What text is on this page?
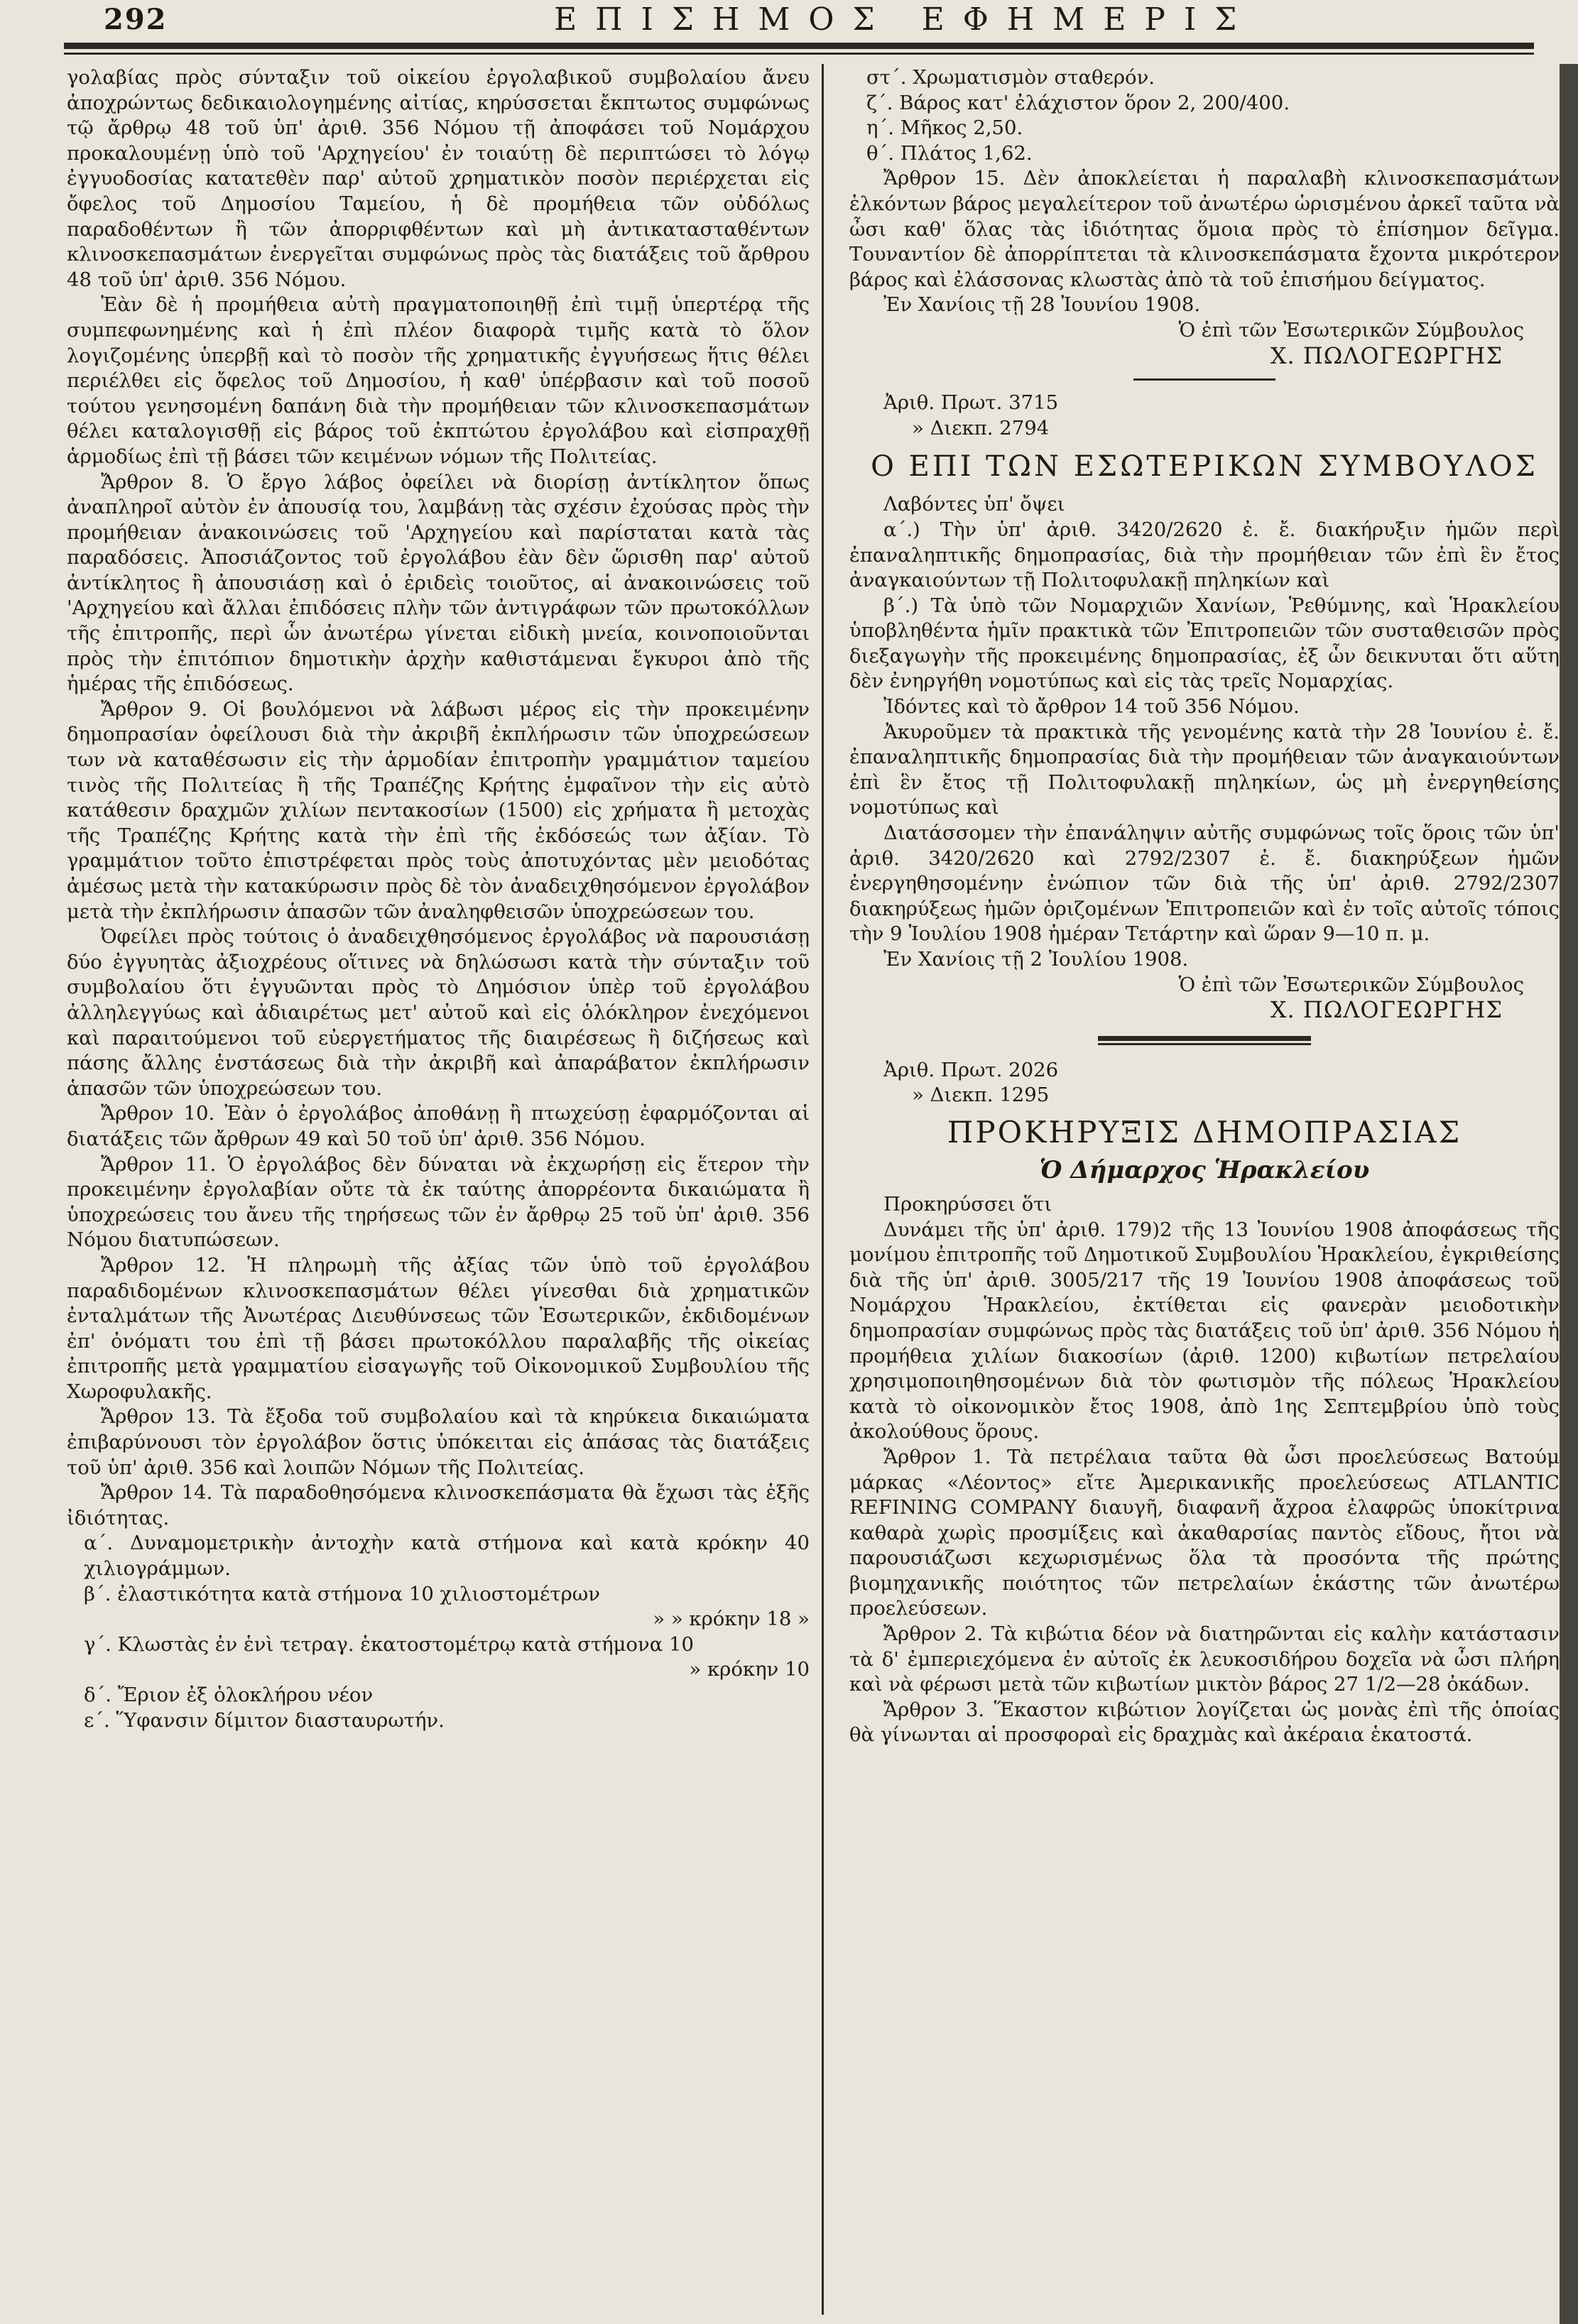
292	ΕΠΙΣΗΜΟΣ ΕΦΗΜΕΡΙΣ

γολαβίας πρὸς σύνταξιν τοῦ οἰκείου ἐργολαβικοῦ συμβολαίου ἄνευ ἀποχρώντως δεδικαιολογημένης αἰτίας, κηρύσσεται ἔκπτωτος συμφώνως τῷ ἄρθρῳ 48 τοῦ ὑπ' ἀριθ. 356 Νόμου τῇ ἀποφάσει τοῦ Νομάρχου προκαλουμένῃ ὑπὸ τοῦ 'Αρχηγείου' ἐν τοιαύτῃ δὲ περιπτώσει τὸ λόγῳ ἐγγυοδοσίας κατατεθὲν παρ' αὐτοῦ χρηματικὸν ποσὸν περιέρχεται εἰς ὄφελος τοῦ Δημοσίου Ταμείου, ἡ δὲ προμήθεια τῶν οὐδόλως παραδοθέντων ἢ τῶν ἀπορριφθέντων καὶ μὴ ἀντικατασταθέντων κλινοσκεπασμάτων ἐνεργεῖται συμφώνως πρὸς τὰς διατάξεις τοῦ ἄρθρου 48 τοῦ ὑπ' ἀριθ. 356 Νόμου.

Ἐὰν δὲ ἡ προμήθεια αὐτὴ πραγματοποιηθῇ ἐπὶ τιμῇ ὑπερτέρᾳ τῆς συμπεφωνημένης καὶ ἡ ἐπὶ πλέον διαφορὰ τιμῆς κατὰ τὸ ὅλον λογιζομένης ὑπερβῇ καὶ τὸ ποσὸν τῆς χρηματικῆς ἐγγυήσεως ἥτις θέλει περιέλθει εἰς ὄφελος τοῦ Δημοσίου, ἡ καθ' ὑπέρβασιν καὶ τοῦ ποσοῦ τούτου γενησομένη δαπάνη διὰ τὴν προμήθειαν τῶν κλινοσκεπασμάτων θέλει καταλογισθῇ εἰς βάρος τοῦ ἐκπτώτου ἐργολάβου καὶ εἰσπραχθῇ ἁρμοδίως ἐπὶ τῇ βάσει τῶν κειμένων νόμων τῆς Πολιτείας.

Ἄρθρον 8. Ὁ ἔργο λάβος ὀφείλει νὰ διορίσῃ ἀντίκλητον ὅπως ἀναπληροῖ αὐτὸν ἐν ἀπουσίᾳ του, λαμβάνῃ τὰς σχέσιν ἐχούσας πρὸς τὴν προμήθειαν ἀνακοινώσεις τοῦ 'Αρχηγείου καὶ παρίσταται κατὰ τὰς παραδόσεις. Ἀποσιάζοντος τοῦ ἐργολάβου ἐὰν δὲν ὥρισθη παρ' αὐτοῦ ἀντίκλητος ἢ ἀπουσιάσῃ καὶ ὁ ἐριδεὶς τοιοῦτος, αἱ ἀνακοινώσεις τοῦ 'Αρχηγείου καὶ ἄλλαι ἐπιδόσεις πλὴν τῶν ἀντιγράφων τῶν πρωτοκόλλων τῆς ἐπιτροπῆς, περὶ ὧν ἀνωτέρω γίνεται εἰδικὴ μνεία, κοινοποιοῦνται πρὸς τὴν ἐπιτόπιον δημοτικὴν ἀρχὴν καθιστάμεναι ἔγκυροι ἀπὸ τῆς ἡμέρας τῆς ἐπιδόσεως.

Ἄρθρον 9. Οἱ βουλόμενοι νὰ λάβωσι μέρος εἰς τὴν προκειμένην δημοπρασίαν ὀφείλουσι διὰ τὴν ἀκριβῆ ἐκπλήρωσιν τῶν ὑποχρεώσεων των νὰ καταθέσωσιν εἰς τὴν ἁρμοδίαν ἐπιτροπὴν γραμμάτιον ταμείου τινὸς τῆς Πολιτείας ἢ τῆς Τραπέζης Κρήτης ἐμφαῖνον τὴν εἰς αὐτὸ κατάθεσιν δραχμῶν χιλίων πεντακοσίων (1500) εἰς χρήματα ἢ μετοχὰς τῆς Τραπέζης Κρήτης κατὰ τὴν ἐπὶ τῆς ἐκδόσεώς των ἀξίαν. Τὸ γραμμάτιον τοῦτο ἐπιστρέφεται πρὸς τοὺς ἀποτυχόντας μὲν μειοδότας ἀμέσως μετὰ τὴν κατακύρωσιν πρὸς δὲ τὸν ἀναδειχθησόμενον ἐργολάβον μετὰ τὴν ἐκπλήρωσιν ἁπασῶν τῶν ἀναληφθεισῶν ὑποχρεώσεων του.

Ὀφείλει πρὸς τούτοις ὁ ἀναδειχθησόμενος ἐργολάβος νὰ παρουσιάσῃ δύο ἐγγυητὰς ἀξιοχρέους οἵτινες νὰ δηλώσωσι κατὰ τὴν σύνταξιν τοῦ συμβολαίου ὅτι ἐγγυῶνται πρὸς τὸ Δημόσιον ὑπὲρ τοῦ ἐργολάβου ἀλληλεγγύως καὶ ἀδιαιρέτως μετ' αὐτοῦ καὶ εἰς ὁλόκληρον ἐνεχόμενοι καὶ παραιτούμενοι τοῦ εὐεργετήματος τῆς διαιρέσεως ἢ διζήσεως καὶ πάσης ἄλλης ἐνστάσεως διὰ τὴν ἀκριβῆ καὶ ἀπαράβατον ἐκπλήρωσιν ἁπασῶν τῶν ὑποχρεώσεων του.

Ἄρθρον 10. Ἐὰν ὁ ἐργολάβος ἀποθάνῃ ἢ πτωχεύσῃ ἐφαρμόζονται αἱ διατάξεις τῶν ἄρθρων 49 καὶ 50 τοῦ ὑπ' ἀριθ. 356 Νόμου.

Ἄρθρον 11. Ὁ ἐργολάβος δὲν δύναται νὰ ἐκχωρήσῃ εἰς ἕτερον τὴν προκειμένην ἐργολαβίαν οὔτε τὰ ἐκ ταύτης ἀπορρέοντα δικαιώματα ἢ ὑποχρεώσεις του ἄνευ τῆς τηρήσεως τῶν ἐν ἄρθρῳ 25 τοῦ ὑπ' ἀριθ. 356 Νόμου διατυπώσεων.

Ἄρθρον 12. Ἡ πληρωμὴ τῆς ἀξίας τῶν ὑπὸ τοῦ ἐργολάβου παραδιδομένων κλινοσκεπασμάτων θέλει γίνεσθαι διὰ χρηματικῶν ἐνταλμάτων τῆς Ἀνωτέρας Διευθύνσεως τῶν Ἐσωτερικῶν, ἐκδιδομένων ἐπ' ὀνόματι του ἐπὶ τῇ βάσει πρωτοκόλλου παραλαβῆς τῆς οἰκείας ἐπιτροπῆς μετὰ γραμματίου εἰσαγωγῆς τοῦ Οἰκονομικοῦ Συμβουλίου τῆς Χωροφυλακῆς.

Ἄρθρον 13. Τὰ ἔξοδα τοῦ συμβολαίου καὶ τὰ κηρύκεια δικαιώματα ἐπιβαρύνουσι τὸν ἐργολάβον ὅστις ὑπόκειται εἰς ἁπάσας τὰς διατάξεις τοῦ ὑπ' ἀριθ. 356 καὶ λοιπῶν Νόμων τῆς Πολιτείας.

Ἄρθρον 14. Τὰ παραδοθησόμενα κλινοσκεπάσματα θὰ ἔχωσι τὰς ἑξῆς ἰδιότητας.

α΄. Δυναμομετρικὴν ἀντοχὴν κατὰ στήμονα καὶ κατὰ κρόκην 40 χιλιογράμμων.

β΄. ἐλαστικότητα κατὰ στήμονα 10 χιλιοστομέτρων

» » κρόκην 18 »

γ΄. Κλωστὰς ἐν ἑνὶ τετραγ. ἑκατοστομέτρῳ κατὰ στήμονα 10

» κρόκην 10

δ΄. Ἔριον ἐξ ὁλοκλήρου νέον

ε΄. Ὕφανσιν δίμιτον διασταυρωτήν.

στ΄. Χρωματισμὸν σταθερόν.

ζ΄. Βάρος κατ' ἐλάχιστον ὅρον 2, 200/400.

η΄. Μῆκος 2,50.

θ΄. Πλάτος 1,62.

Ἄρθρον 15. Δὲν ἀποκλείεται ἡ παραλαβὴ κλινοσκεπασμάτων ἑλκόντων βάρος μεγαλείτερον τοῦ ἀνωτέρω ὡρισμένου ἀρκεῖ ταῦτα νὰ ὦσι καθ' ὅλας τὰς ἰδιότητας ὅμοια πρὸς τὸ ἐπίσημον δεῖγμα. Τουναντίον δὲ ἀπορρίπτεται τὰ κλινοσκεπάσματα ἔχοντα μικρότερον βάρος καὶ ἐλάσσονας κλωστὰς ἀπὸ τὰ τοῦ ἐπισήμου δείγματος.

Ἐν Χανίοις τῇ 28 Ἰουνίου 1908.

Ὁ ἐπὶ τῶν Ἐσωτερικῶν Σύμβουλος

Χ. ΠΩΛΟΓΕΩΡΓΗΣ

Ἀριθ. Πρωτ. 3715

» Διεκπ. 2794

Ο ΕΠΙ ΤΩΝ ΕΣΩΤΕΡΙΚΩΝ ΣΥΜΒΟΥΛΟΣ

Λαβόντες ὑπ' ὄψει

α΄.) Τὴν ὑπ' ἀριθ. 3420/2620 ἐ. ἔ. διακήρυξιν ἡμῶν περὶ ἐπαναληπτικῆς δημοπρασίας, διὰ τὴν προμήθειαν τῶν ἐπὶ ἓν ἔτος ἀναγκαιούντων τῇ Πολιτοφυλακῇ πηληκίων καὶ

β΄.) Τὰ ὑπὸ τῶν Νομαρχιῶν Χανίων, Ῥεθύμνης, καὶ Ἡρακλείου ὑποβληθέντα ἡμῖν πρακτικὰ τῶν Ἐπιτροπειῶν τῶν συσταθεισῶν πρὸς διεξαγωγὴν τῆς προκειμένης δημοπρασίας, ἐξ ὧν δεικνυται ὅτι αὕτη δὲν ἐνηργήθη νομοτύπως καὶ εἰς τὰς τρεῖς Νομαρχίας.

Ἰδόντες καὶ τὸ ἄρθρον 14 τοῦ 356 Νόμου.

Ἀκυροῦμεν τὰ πρακτικὰ τῆς γενομένης κατὰ τὴν 28 Ἰουνίου ἐ. ἔ. ἐπαναληπτικῆς δημοπρασίας διὰ τὴν προμήθειαν τῶν ἀναγκαιούντων ἐπὶ ἓν ἔτος τῇ Πολιτοφυλακῇ πηληκίων, ὡς μὴ ἐνεργηθείσης νομοτύπως καὶ

Διατάσσομεν τὴν ἐπανάληψιν αὐτῆς συμφώνως τοῖς ὅροις τῶν ὑπ' ἀριθ. 3420/2620 καὶ 2792/2307 ἐ. ἔ. διακηρύξεων ἡμῶν ἐνεργηθησομένην ἐνώπιον τῶν διὰ τῆς ὑπ' ἀριθ. 2792/2307 διακηρύξεως ἡμῶν ὁριζομένων Ἐπιτροπειῶν καὶ ἐν τοῖς αὐτοῖς τόποις τὴν 9 Ἰουλίου 1908 ἡμέραν Τετάρτην καὶ ὥραν 9—10 π. μ.

Ἐν Χανίοις τῇ 2 Ἰουλίου 1908.

Ὁ ἐπὶ τῶν Ἐσωτερικῶν Σύμβουλος

Χ. ΠΩΛΟΓΕΩΡΓΗΣ

Ἀριθ. Πρωτ. 2026

» Διεκπ. 1295

ΠΡΟΚΗΡΥΞΙΣ ΔΗΜΟΠΡΑΣΙΑΣ

Ὁ Δήμαρχος Ἡρακλείου

Προκηρύσσει ὅτι

Δυνάμει τῆς ὑπ' ἀριθ. 179)2 τῆς 13 Ἰουνίου 1908 ἀποφάσεως τῆς μονίμου ἐπιτροπῆς τοῦ Δημοτικοῦ Συμβουλίου Ἡρακλείου, ἐγκριθείσης διὰ τῆς ὑπ' ἀριθ. 3005/217 τῆς 19 Ἰουνίου 1908 ἀποφάσεως τοῦ Νομάρχου Ἡρακλείου, ἐκτίθεται εἰς φανερὰν μειοδοτικὴν δημοπρασίαν συμφώνως πρὸς τὰς διατάξεις τοῦ ὑπ' ἀριθ. 356 Νόμου ἡ προμήθεια χιλίων διακοσίων (ἀριθ. 1200) κιβωτίων πετρελαίου χρησιμοποιηθησομένων διὰ τὸν φωτισμὸν τῆς πόλεως Ἡρακλείου κατὰ τὸ οἰκονομικὸν ἔτος 1908, ἀπὸ 1ης Σεπτεμβρίου ὑπὸ τοὺς ἀκολούθους ὅρους.

Ἄρθρον 1. Τὰ πετρέλαια ταῦτα θὰ ὦσι προελεύσεως Βατούμ μάρκας «Λέοντος» εἴτε Ἀμερικανικῆς προελεύσεως ATLANTIC REFINING COMPANY διαυγῆ, διαφανῆ ἄχροα ἐλαφρῶς ὑποκίτρινα καθαρὰ χωρὶς προσμίξεις καὶ ἀκαθαρσίας παντὸς εἴδους, ἤτοι νὰ παρουσιάζωσι κεχωρισμένως ὅλα τὰ προσόντα τῆς πρώτης βιομηχανικῆς ποιότητος τῶν πετρελαίων ἑκάστης τῶν ἀνωτέρω προελεύσεων.

Ἄρθρον 2. Τὰ κιβώτια δέον νὰ διατηρῶνται εἰς καλὴν κατάστασιν τὰ δ' ἐμπεριεχόμενα ἐν αὐτοῖς ἐκ λευκοσιδήρου δοχεῖα νὰ ὦσι πλήρη καὶ νὰ φέρωσι μετὰ τῶν κιβωτίων μικτὸν βάρος 27 1/2—28 ὀκάδων.

Ἄρθρον 3. Ἕκαστον κιβώτιον λογίζεται ὡς μονὰς ἐπὶ τῆς ὁποίας θὰ γίνωνται αἱ προσφοραὶ εἰς δραχμὰς καὶ ἀκέραια ἑκατοστά.
